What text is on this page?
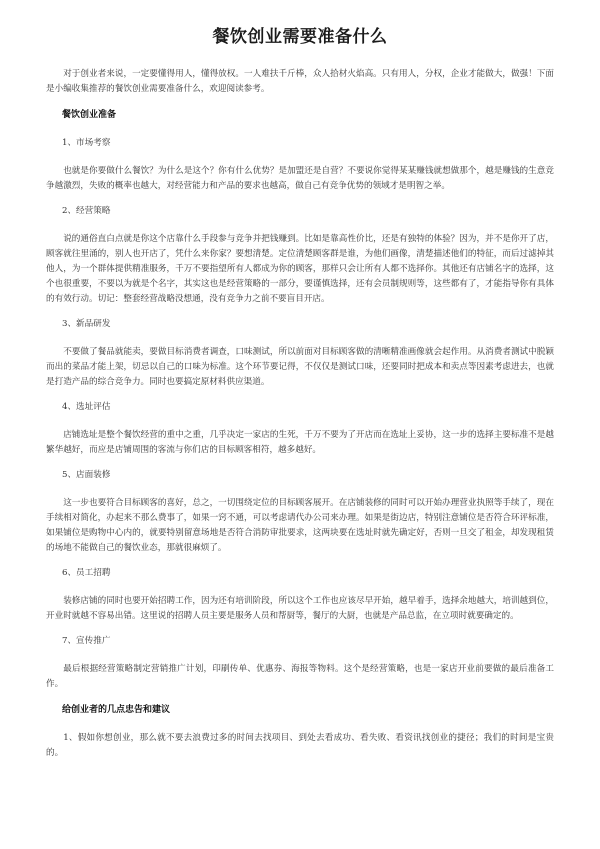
餐饮创业需要准备什么

对于创业者来说，一定要懂得用人，懂得放权。一人难扶千斤棒，众人拾材火焰高。只有用人，分权，企业才能做大，做强！下面是小编收集推荐的餐饮创业需要准备什么，欢迎阅读参考。

餐饮创业准备
1、市场考察

也就是你要做什么餐饮？为什么是这个？你有什么优势？是加盟还是自营？不要说你觉得某某赚钱就想做那个，越是赚钱的生意竞争越激烈，失败的概率也越大，对经营能力和产品的要求也越高，做自己有竞争优势的领域才是明智之举。

2、经营策略

说的通俗直白点就是你这个店靠什么手段参与竞争并把钱赚到。比如是靠高性价比，还是有独特的体验？因为，并不是你开了店，顾客就往里涌的，别人也开店了，凭什么来你家？要想清楚。定位清楚顾客群是谁，为他们画像，清楚描述他们的特征，而后过滤掉其他人，为一个群体提供精准服务，千万不要指望所有人都成为你的顾客，那样只会让所有人都不选择你。其他还有店铺名字的选择，这个也很重要，不要以为就是个名字，其实这也是经营策略的一部分，要谨慎选择，还有会员制规则等，这些都有了，才能指导你有具体的有效行动。切记：整套经营战略没想通，没有竞争力之前不要盲目开店。

3、新品研发

不要做了餐品就能卖，要做目标消费者调查，口味测试，所以前面对目标顾客做的清晰精准画像就会起作用。从消费者测试中脱颖而出的菜品才能上架，切忌以自己的口味为标准。这个环节要记得，不仅仅是测试口味，还要同时把成本和卖点等因素考虑进去，也就是打造产品的综合竞争力。同时也要搞定原材料供应渠道。

4、选址评估

店铺选址是整个餐饮经营的重中之重，几乎决定一家店的生死，千万不要为了开店而在选址上妥协，这一步的选择主要标准不是越繁华越好，而应是店铺周围的客流与你们店的目标顾客相符，越多越好。

5、店面装修

这一步也要符合目标顾客的喜好，总之，一切围绕定位的目标顾客展开。在店铺装修的同时可以开始办理营业执照等手续了，现在手续相对简化，办起来不那么费事了，如果一窍不通，可以考虑请代办公司来办理。如果是街边店，特别注意铺位是否符合环评标准，如果铺位是购物中心内的，就要特别留意场地是否符合消防审批要求，这两块要在选址时就先确定好，否则一旦交了租金，却发现租赁的场地不能做自己的餐饮业态，那就很麻烦了。

6、员工招聘

装修店铺的同时也要开始招聘工作，因为还有培训阶段，所以这个工作也应该尽早开始，越早着手，选择余地越大，培训越到位，开业时就越不容易出错。这里说的招聘人员主要是服务人员和帮厨等，餐厅的大厨，也就是产品总监，在立项时就要确定的。

7、宣传推广

最后根据经营策略制定营销推广计划，印刷传单、优惠券、海报等物料。这个是经营策略，也是一家店开业前要做的最后准备工作。

给创业者的几点忠告和建议

1、假如你想创业，那么就不要去浪费过多的时间去找项目、到处去看成功、看失败、看资讯找创业的捷径；我们的时间是宝贵的。
